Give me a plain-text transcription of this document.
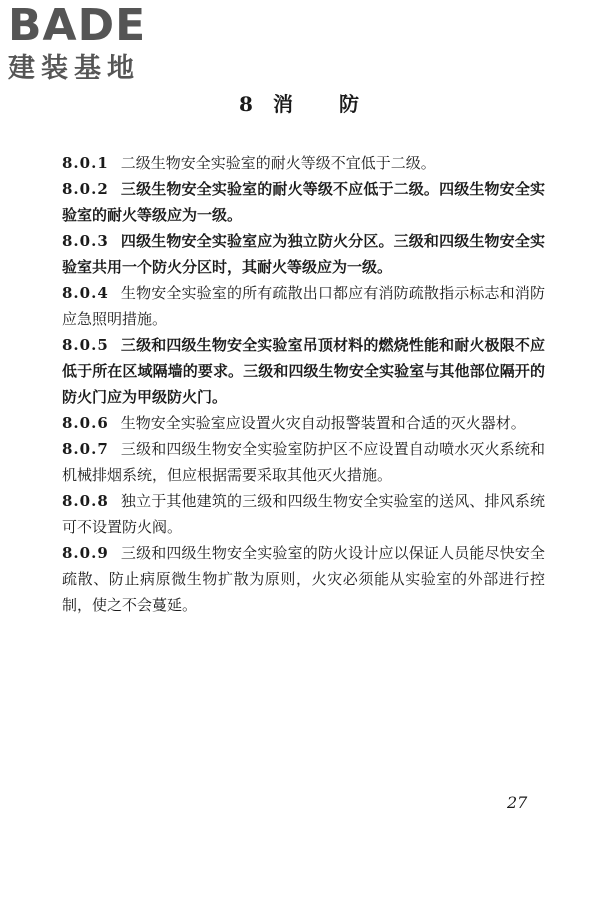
BADE
建装基地
8 消 防

8.0.1 二级生物安全实验室的耐火等级不宜低于二级。

8.0.2 三级生物安全实验室的耐火等级不应低于二级。四级生物安全实验室的耐火等级应为一级。

8.0.3 四级生物安全实验室应为独立防火分区。三级和四级生物安全实验室共用一个防火分区时，其耐火等级应为一级。

8.0.4 生物安全实验室的所有疏散出口都应有消防疏散指示标志和消防应急照明措施。

8.0.5 三级和四级生物安全实验室吊顶材料的燃烧性能和耐火极限不应低于所在区域隔墙的要求。三级和四级生物安全实验室与其他部位隔开的防火门应为甲级防火门。

8.0.6 生物安全实验室应设置火灾自动报警装置和合适的灭火器材。

8.0.7 三级和四级生物安全实验室防护区不应设置自动喷水灭火系统和机械排烟系统，但应根据需要采取其他灭火措施。

8.0.8 独立于其他建筑的三级和四级生物安全实验室的送风、排风系统可不设置防火阀。

8.0.9 三级和四级生物安全实验室的防火设计应以保证人员能尽快安全疏散、防止病原微生物扩散为原则，火灾必须能从实验室的外部进行控制，使之不会蔓延。

27
